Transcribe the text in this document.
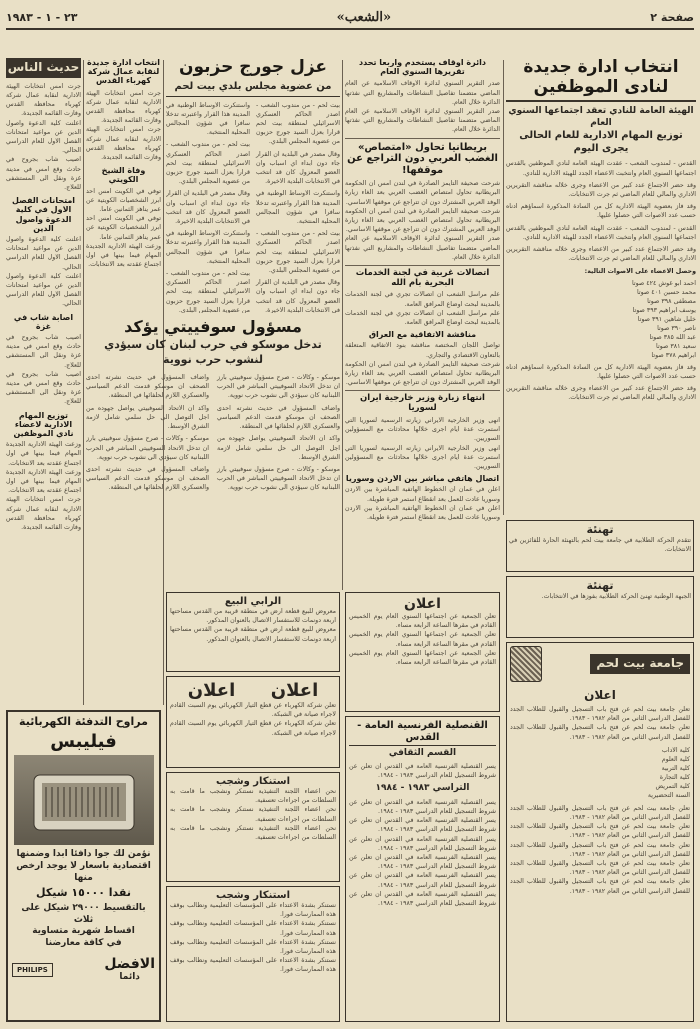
٢٣ - ١ - ١٩٨٣	«الشعب»	صفحة ٢
انتخاب ادارة جديدة لنادى الموظفين
الهيئة العامة للنادي تعقد اجتماعها السنوي العام
توزيع المهام الادارية للعام الحالى يجرى اليوم

القدس - لمندوب الشعب - عقدت الهيئة العامة لنادي الموظفين بالقدس اجتماعها السنوي العام وانتخبت الاعضاء الجدد للهيئة الادارية للنادي.

وقد حضر الاجتماع عدد كبير من الاعضاء وجرى خلاله مناقشة التقريرين الاداري والمالي للعام الماضي ثم جرت الانتخابات.

وقد فاز بعضوية الهيئة الادارية كل من السادة المذكورة اسماؤهم ادناه حسب عدد الاصوات التي حصلوا عليها.

القدس - لمندوب الشعب - عقدت الهيئة العامة لنادي الموظفين بالقدس اجتماعها السنوي العام وانتخبت الاعضاء الجدد للهيئة الادارية للنادي.

وقد حضر الاجتماع عدد كبير من الاعضاء وجرى خلاله مناقشة التقريرين الاداري والمالي للعام الماضي ثم جرت الانتخابات.

وحصل الاعضاء على الاصوات التالية:

احمد ابو غوش ٤٢٤ صوتا
محمد حسين ٤٠١ صوتا
مصطفى ٣٩٨ صوتا
يوسف ابراهيم ٣٩٣ صوتا
خليل شاهين ٣٩١ صوتا
ناصر ٣٩٠ صوتا
عبد الله ٣٨٥ صوتا
سعيد ٣٨١ صوتا
ابراهيم ٣٧٨ صوتا

وقد فاز بعضوية الهيئة الادارية كل من السادة المذكورة اسماؤهم ادناه حسب عدد الاصوات التي حصلوا عليها.

وقد حضر الاجتماع عدد كبير من الاعضاء وجرى خلاله مناقشة التقريرين الاداري والمالي للعام الماضي ثم جرت الانتخابات.

دائرة اوقاف يستخدم واربعا تحدد تقريرها السنوي العام
صدر التقرير السنوي لدائرة الاوقاف الاسلامية عن العام الماضي متضمنا تفاصيل النشاطات والمشاريع التي نفذتها الدائرة خلال العام.
صدر التقرير السنوي لدائرة الاوقاف الاسلامية عن العام الماضي متضمنا تفاصيل النشاطات والمشاريع التي نفذتها الدائرة خلال العام.
بريطانيا تحاول «امتصاص» الغضب العربي دون التراجع عن موقفها!
شرحت صحيفة التايمز الصادرة في لندن امس ان الحكومة البريطانية تحاول امتصاص الغضب العربي بعد الغاء زيارة الوفد العربي المشترك دون ان تتراجع عن موقفها الاساسي.
شرحت صحيفة التايمز الصادرة في لندن امس ان الحكومة البريطانية تحاول امتصاص الغضب العربي بعد الغاء زيارة الوفد العربي المشترك دون ان تتراجع عن موقفها الاساسي.
صدر التقرير السنوي لدائرة الاوقاف الاسلامية عن العام الماضي متضمنا تفاصيل النشاطات والمشاريع التي نفذتها الدائرة خلال العام.
اتصالات غربية في لجنة الخدمات البحرية بام الله
علم مراسل الشعب ان اتصالات تجري في لجنة الخدمات بالمدينة لبحث اوضاع المرافق العامة.
علم مراسل الشعب ان اتصالات تجري في لجنة الخدمات بالمدينة لبحث اوضاع المرافق العامة.
مناقشة الاتفاقية مع العراق
تواصل اللجان المختصة مناقشة بنود الاتفاقية المتعلقة بالتعاون الاقتصادي والتجاري.
شرحت صحيفة التايمز الصادرة في لندن امس ان الحكومة البريطانية تحاول امتصاص الغضب العربي بعد الغاء زيارة الوفد العربي المشترك دون ان تتراجع عن موقفها الاساسي.
انتهاء زيارة وزير خارجية ايران لسوريا
انهى وزير الخارجية الايراني زيارته الرسمية لسوريا التي استمرت عدة ايام اجرى خلالها محادثات مع المسؤولين السوريين.
انهى وزير الخارجية الايراني زيارته الرسمية لسوريا التي استمرت عدة ايام اجرى خلالها محادثات مع المسؤولين السوريين.
اتصال هاتفي مباشر بين الاردن وسوريا
اعلن في عمان ان الخطوط الهاتفية المباشرة بين الاردن وسوريا عادت للعمل بعد انقطاع استمر فترة طويلة.
اعلن في عمان ان الخطوط الهاتفية المباشرة بين الاردن وسوريا عادت للعمل بعد انقطاع استمر فترة طويلة.
عزل جورج حزبون
من عضوية مجلس بلدي بيت لحم

بيت لحم - من مندوب الشعب - اصدر الحاكم العسكري الاسرائيلي لمنطقة بيت لحم قرارا بعزل السيد جورج حزبون من عضوية المجلس البلدي.

وقال مصدر في البلدية ان القرار جاء دون ابداء اي اسباب وان العضو المعزول كان قد انتخب في الانتخابات البلدية الاخيرة.

واستنكرت الاوساط الوطنية في المدينة هذا القرار واعتبرته تدخلا سافرا في شؤون المجالس المحلية المنتخبة.

بيت لحم - من مندوب الشعب - اصدر الحاكم العسكري الاسرائيلي لمنطقة بيت لحم قرارا بعزل السيد جورج حزبون من عضوية المجلس البلدي.

وقال مصدر في البلدية ان القرار جاء دون ابداء اي اسباب وان العضو المعزول كان قد انتخب في الانتخابات البلدية الاخيرة.

واستنكرت الاوساط الوطنية في المدينة هذا القرار واعتبرته تدخلا سافرا في شؤون المجالس المحلية المنتخبة.

بيت لحم - من مندوب الشعب - اصدر الحاكم العسكري الاسرائيلي لمنطقة بيت لحم قرارا بعزل السيد جورج حزبون من عضوية المجلس البلدي.

وقال مصدر في البلدية ان القرار جاء دون ابداء اي اسباب وان العضو المعزول كان قد انتخب في الانتخابات البلدية الاخيرة.

واستنكرت الاوساط الوطنية في المدينة هذا القرار واعتبرته تدخلا سافرا في شؤون المجالس المحلية المنتخبة.

بيت لحم - من مندوب الشعب - اصدر الحاكم العسكري الاسرائيلي لمنطقة بيت لحم قرارا بعزل السيد جورج حزبون من عضوية المجلس البلدي.

مسؤول سوفييتي يؤكد
تدخل موسكو في حرب لبنان كان سيؤدي لنشوب حرب نووية

موسكو - وكالات - صرح مسؤول سوفييتي بارز ان تدخل الاتحاد السوفييتي المباشر في الحرب اللبنانية كان سيؤدي الى نشوب حرب نووية.

واضاف المسؤول في حديث نشرته احدى الصحف ان موسكو قدمت الدعم السياسي والعسكري اللازم لحلفائها في المنطقة.

واكد ان الاتحاد السوفييتي يواصل جهوده من اجل التوصل الى حل سلمي شامل لازمة الشرق الاوسط.

موسكو - وكالات - صرح مسؤول سوفييتي بارز ان تدخل الاتحاد السوفييتي المباشر في الحرب اللبنانية كان سيؤدي الى نشوب حرب نووية.

واضاف المسؤول في حديث نشرته احدى الصحف ان موسكو قدمت الدعم السياسي والعسكري اللازم لحلفائها في المنطقة.

واكد ان الاتحاد السوفييتي يواصل جهوده من اجل التوصل الى حل سلمي شامل لازمة الشرق الاوسط.

موسكو - وكالات - صرح مسؤول سوفييتي بارز ان تدخل الاتحاد السوفييتي المباشر في الحرب اللبنانية كان سيؤدي الى نشوب حرب نووية.

واضاف المسؤول في حديث نشرته احدى الصحف ان موسكو قدمت الدعم السياسي والعسكري اللازم لحلفائها في المنطقة.

حديث الناس
جرت امس انتخابات الهيئة الادارية لنقابة عمال شركة كهرباء محافظة القدس وفازت القائمة الجديدة.
اعلنت كلية الدعوة واصول الدين عن مواعيد امتحانات الفصل الاول للعام الدراسي الحالي.
اصيب شاب بجروح في حادث وقع امس في مدينة غزة ونقل الى المستشفى للعلاج.
امتحانات الفصل الاول في كلية الدعوة واصول الدين
اعلنت كلية الدعوة واصول الدين عن مواعيد امتحانات الفصل الاول للعام الدراسي الحالي.
اعلنت كلية الدعوة واصول الدين عن مواعيد امتحانات الفصل الاول للعام الدراسي الحالي.
اصابة شاب في غزة
اصيب شاب بجروح في حادث وقع امس في مدينة غزة ونقل الى المستشفى للعلاج.
اصيب شاب بجروح في حادث وقع امس في مدينة غزة ونقل الى المستشفى للعلاج.
توزيع المهام الادارية لاعضاء نادي الموظفين
وزعت الهيئة الادارية الجديدة المهام فيما بينها في اول اجتماع عقدته بعد الانتخابات.
وزعت الهيئة الادارية الجديدة المهام فيما بينها في اول اجتماع عقدته بعد الانتخابات.
جرت امس انتخابات الهيئة الادارية لنقابة عمال شركة كهرباء محافظة القدس وفازت القائمة الجديدة.
انتخاب ادارة جديدة لنقابة عمال شركة كهرباء القدس
جرت امس انتخابات الهيئة الادارية لنقابة عمال شركة كهرباء محافظة القدس وفازت القائمة الجديدة.
جرت امس انتخابات الهيئة الادارية لنقابة عمال شركة كهرباء محافظة القدس وفازت القائمة الجديدة.
وفاة الشيخ الكويتي
توفي في الكويت امس احد ابرز الشخصيات الكويتية عن عمر يناهز الثمانين عاما.
توفي في الكويت امس احد ابرز الشخصيات الكويتية عن عمر يناهز الثمانين عاما.
وزعت الهيئة الادارية الجديدة المهام فيما بينها في اول اجتماع عقدته بعد الانتخابات.
تهنئة
تتقدم الحركة الطلابية في جامعة بيت لحم بالتهنئة الحارة للفائزين في الانتخابات.
تهنئة
الجبهة الوطنية تهنئ الحركة الطلابية بفوزها في الانتخابات.
جامعة بيت لحم
اعلان
تعلن جامعة بيت لحم عن فتح باب التسجيل والقبول للطلاب الجدد للفصل الدراسي الثاني من العام ١٩٨٢ - ١٩٨٣.
تعلن جامعة بيت لحم عن فتح باب التسجيل والقبول للطلاب الجدد للفصل الدراسي الثاني من العام ١٩٨٢ - ١٩٨٣.
كلية الاداب
كلية العلوم
كلية التربية
كلية التجارة
كلية التمريض
السنة التحضيرية
تعلن جامعة بيت لحم عن فتح باب التسجيل والقبول للطلاب الجدد للفصل الدراسي الثاني من العام ١٩٨٢ - ١٩٨٣.
تعلن جامعة بيت لحم عن فتح باب التسجيل والقبول للطلاب الجدد للفصل الدراسي الثاني من العام ١٩٨٢ - ١٩٨٣.
تعلن جامعة بيت لحم عن فتح باب التسجيل والقبول للطلاب الجدد للفصل الدراسي الثاني من العام ١٩٨٢ - ١٩٨٣.
تعلن جامعة بيت لحم عن فتح باب التسجيل والقبول للطلاب الجدد للفصل الدراسي الثاني من العام ١٩٨٢ - ١٩٨٣.
تعلن جامعة بيت لحم عن فتح باب التسجيل والقبول للطلاب الجدد للفصل الدراسي الثاني من العام ١٩٨٢ - ١٩٨٣.
اعلان
تعلن الجمعية عن اجتماعها السنوي العام يوم الخميس القادم في مقرها الساعة الرابعة مساء.
تعلن الجمعية عن اجتماعها السنوي العام يوم الخميس القادم في مقرها الساعة الرابعة مساء.
تعلن الجمعية عن اجتماعها السنوي العام يوم الخميس القادم في مقرها الساعة الرابعة مساء.
القنصلية الفرنسية العامة - القدس
القسم الثقافي
يسر القنصلية الفرنسية العامة في القدس ان تعلن عن شروط التسجيل للعام الدراسي ١٩٨٣ - ١٩٨٤.
التراسي ١٩٨٣ - ١٩٨٤
يسر القنصلية الفرنسية العامة في القدس ان تعلن عن شروط التسجيل للعام الدراسي ١٩٨٣ - ١٩٨٤.
يسر القنصلية الفرنسية العامة في القدس ان تعلن عن شروط التسجيل للعام الدراسي ١٩٨٣ - ١٩٨٤.
يسر القنصلية الفرنسية العامة في القدس ان تعلن عن شروط التسجيل للعام الدراسي ١٩٨٣ - ١٩٨٤.
يسر القنصلية الفرنسية العامة في القدس ان تعلن عن شروط التسجيل للعام الدراسي ١٩٨٣ - ١٩٨٤.
يسر القنصلية الفرنسية العامة في القدس ان تعلن عن شروط التسجيل للعام الدراسي ١٩٨٣ - ١٩٨٤.
يسر القنصلية الفرنسية العامة في القدس ان تعلن عن شروط التسجيل للعام الدراسي ١٩٨٣ - ١٩٨٤.
الرابي البيع
معروض للبيع قطعة ارض في منطقة قريبة من القدس مساحتها اربعة دونمات للاستفسار الاتصال بالعنوان المذكور.
معروض للبيع قطعة ارض في منطقة قريبة من القدس مساحتها اربعة دونمات للاستفسار الاتصال بالعنوان المذكور.
اعلان
اعلان
تعلن شركة الكهرباء عن قطع التيار الكهربائي يوم السبت القادم لاجراء صيانة في الشبكة.
تعلن شركة الكهرباء عن قطع التيار الكهربائي يوم السبت القادم لاجراء صيانة في الشبكة.
استنكار وشجب
نحن اعضاء اللجنة التنفيذية نستنكر ونشجب ما قامت به السلطات من اجراءات تعسفية.
نحن اعضاء اللجنة التنفيذية نستنكر ونشجب ما قامت به السلطات من اجراءات تعسفية.
نحن اعضاء اللجنة التنفيذية نستنكر ونشجب ما قامت به السلطات من اجراءات تعسفية.
استنكار وشجب
نستنكر بشدة الاعتداء على المؤسسات التعليمية ونطالب بوقف هذه الممارسات فورا.
نستنكر بشدة الاعتداء على المؤسسات التعليمية ونطالب بوقف هذه الممارسات فورا.
نستنكر بشدة الاعتداء على المؤسسات التعليمية ونطالب بوقف هذه الممارسات فورا.
نستنكر بشدة الاعتداء على المؤسسات التعليمية ونطالب بوقف هذه الممارسات فورا.
مراوح التدفئة الكهربائية
فيليبس
نؤمن لك جوا دافئا ابدا وضمنها
اقتصادية باسعار لا يوجد ارخص منها
نقدا ١٥٠٠٠ شيكل
بالتقسيط ٢٩٠٠٠ شيكل على ثلاث
اقساط شهرية متساوية
في كافة معارضنا
الافضل
دائما
PHILIPS
